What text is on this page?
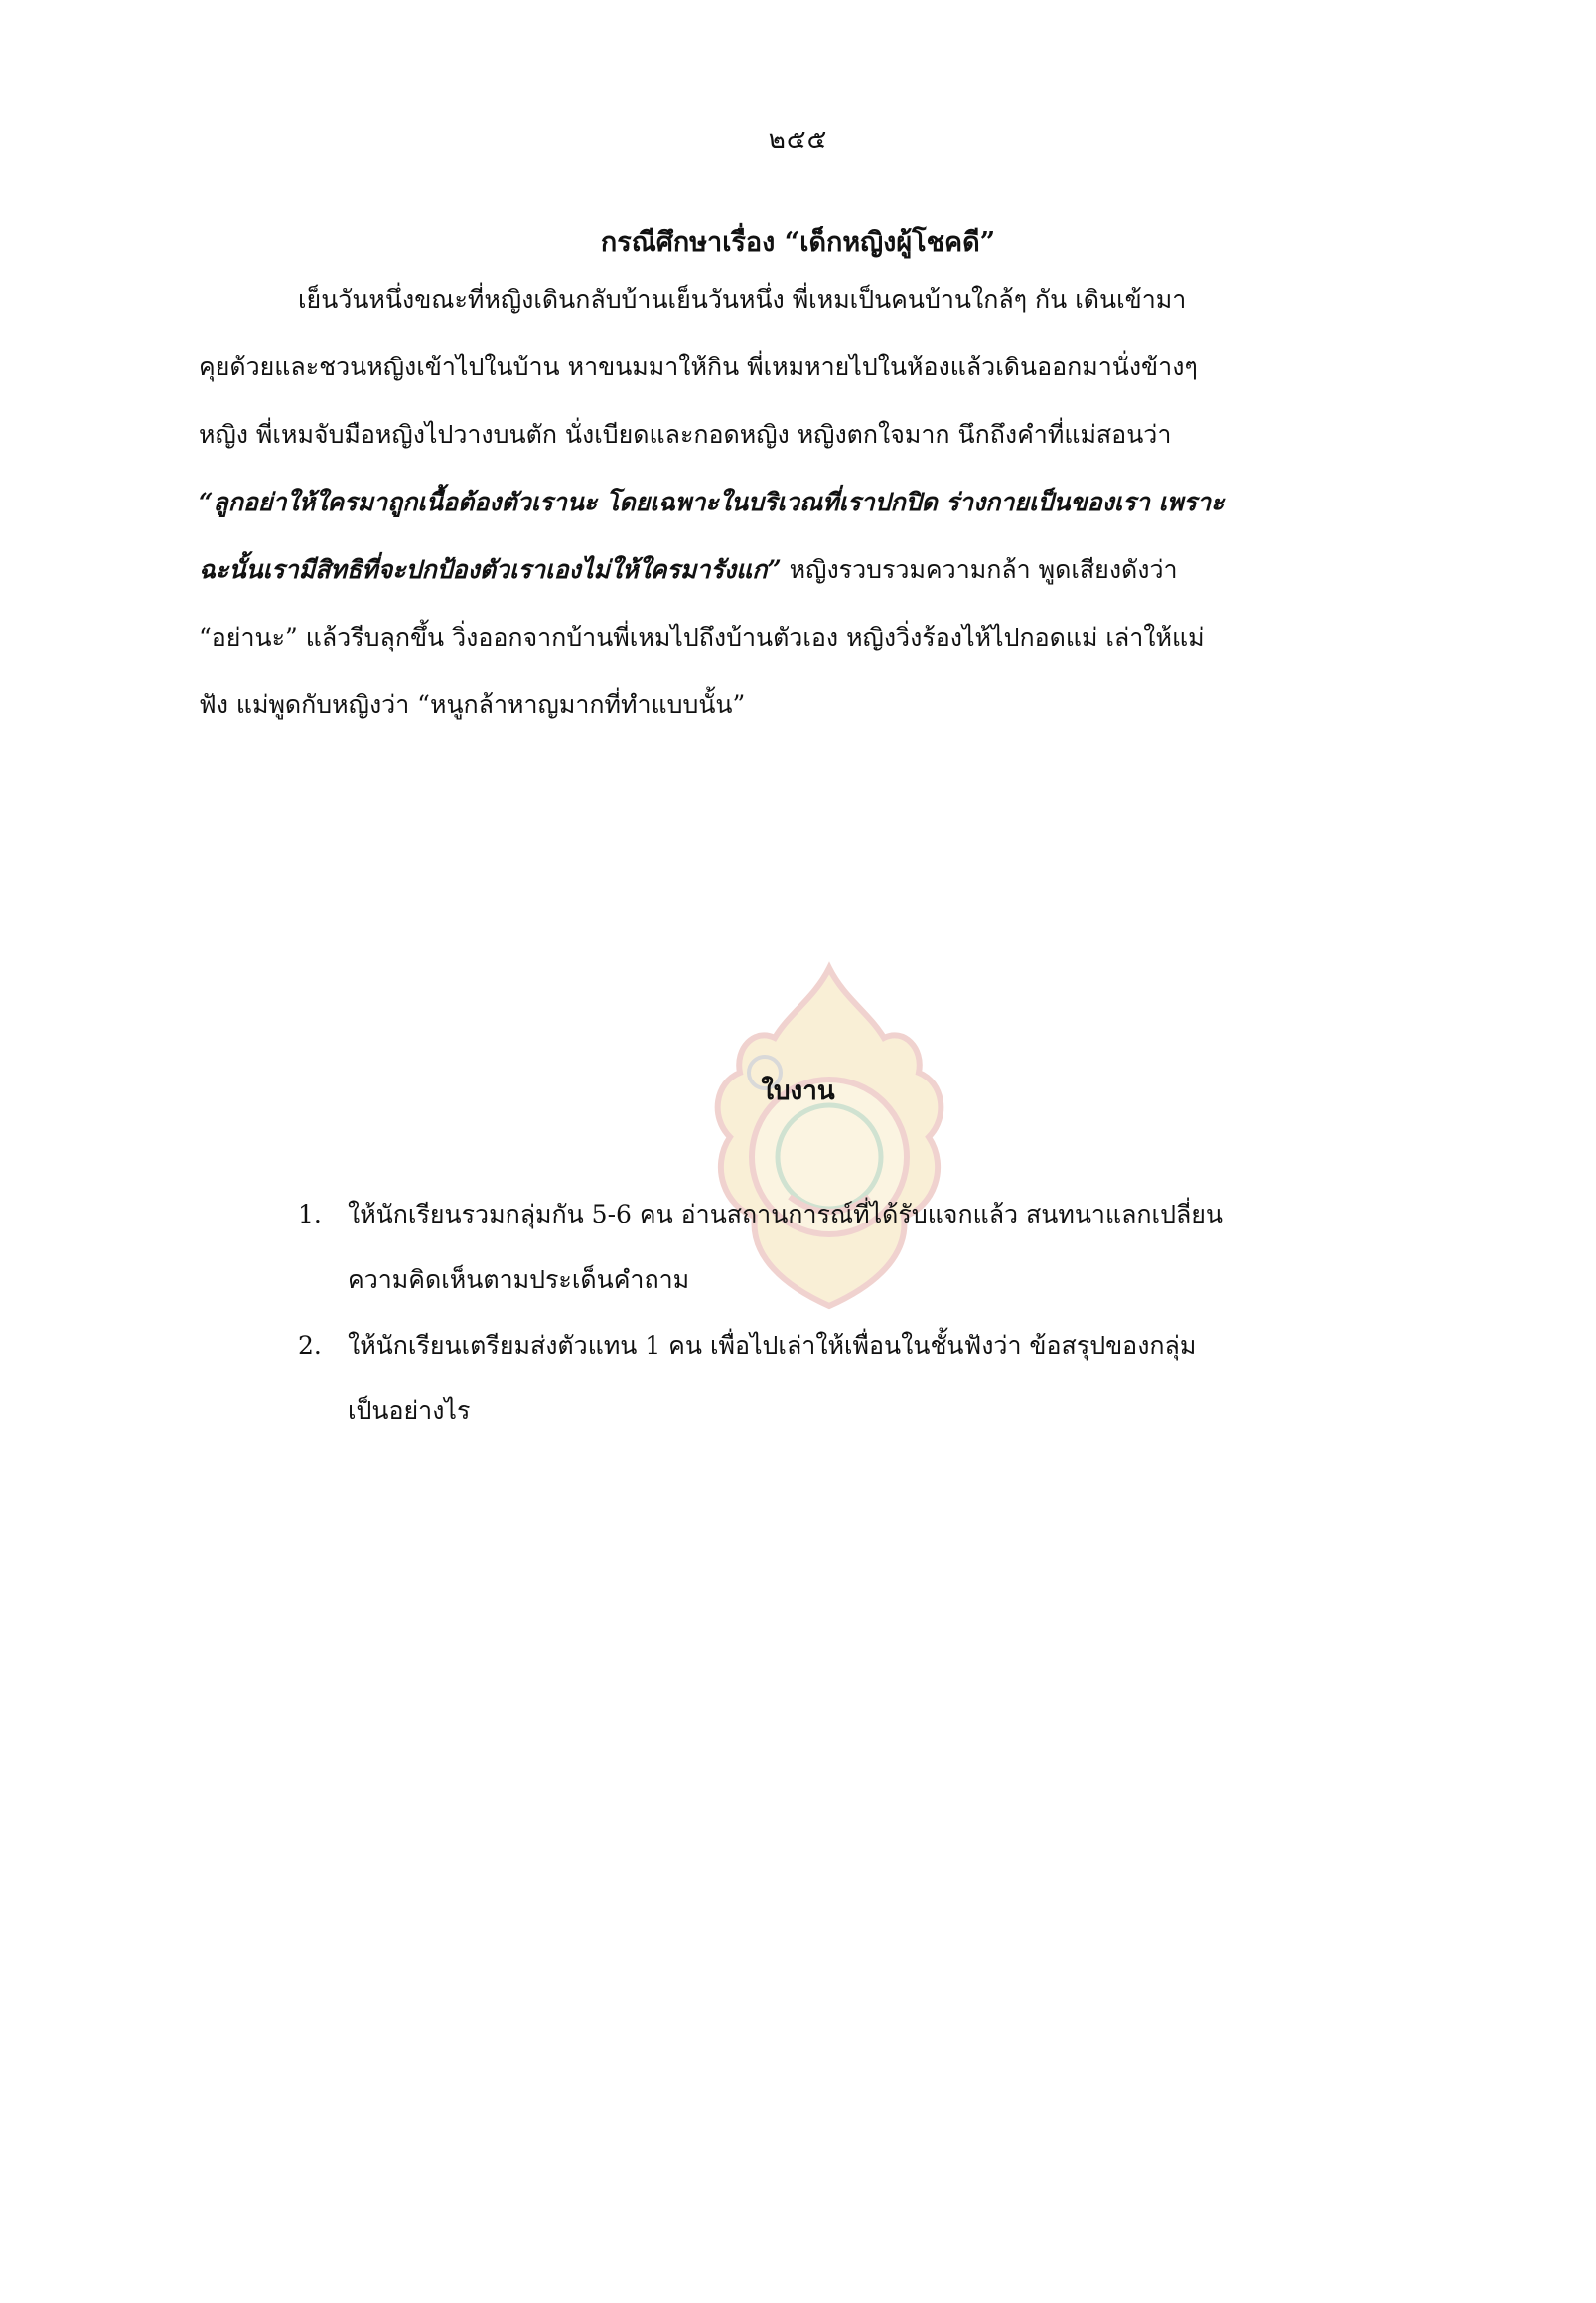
๒๕๕
กรณีศึกษาเรื่อง “เด็กหญิงผู้โชคดี”
เย็นวันหนึ่งขณะที่หญิงเดินกลับบ้านเย็นวันหนึ่ง พี่เหมเป็นคนบ้านใกล้ๆ กัน เดินเข้ามา
คุยด้วยและชวนหญิงเข้าไปในบ้าน หาขนมมาให้กิน พี่เหมหายไปในห้องแล้วเดินออกมานั่งข้างๆ
หญิง พี่เหมจับมือหญิงไปวางบนตัก นั่งเบียดและกอดหญิง หญิงตกใจมาก นึกถึงคำที่แม่สอนว่า
“ลูกอย่าให้ใครมาถูกเนื้อต้องตัวเรานะ โดยเฉพาะในบริเวณที่เราปกปิด ร่างกายเป็นของเรา เพราะ
ฉะนั้นเรามีสิทธิที่จะปกป้องตัวเราเองไม่ให้ใครมารังแก” หญิงรวบรวมความกล้า พูดเสียงดังว่า
“อย่านะ” แล้วรีบลุกขึ้น วิ่งออกจากบ้านพี่เหมไปถึงบ้านตัวเอง หญิงวิ่งร้องไห้ไปกอดแม่ เล่าให้แม่
ฟัง แม่พูดกับหญิงว่า “หนูกล้าหาญมากที่ทำแบบนั้น”
ใบงาน
1.	ให้นักเรียนรวมกลุ่มกัน 5-6 คน อ่านสถานการณ์ที่ได้รับแจกแล้ว สนทนาแลกเปลี่ยน
ความคิดเห็นตามประเด็นคำถาม
2.	ให้นักเรียนเตรียมส่งตัวแทน 1 คน เพื่อไปเล่าให้เพื่อนในชั้นฟังว่า ข้อสรุปของกลุ่ม
เป็นอย่างไร
